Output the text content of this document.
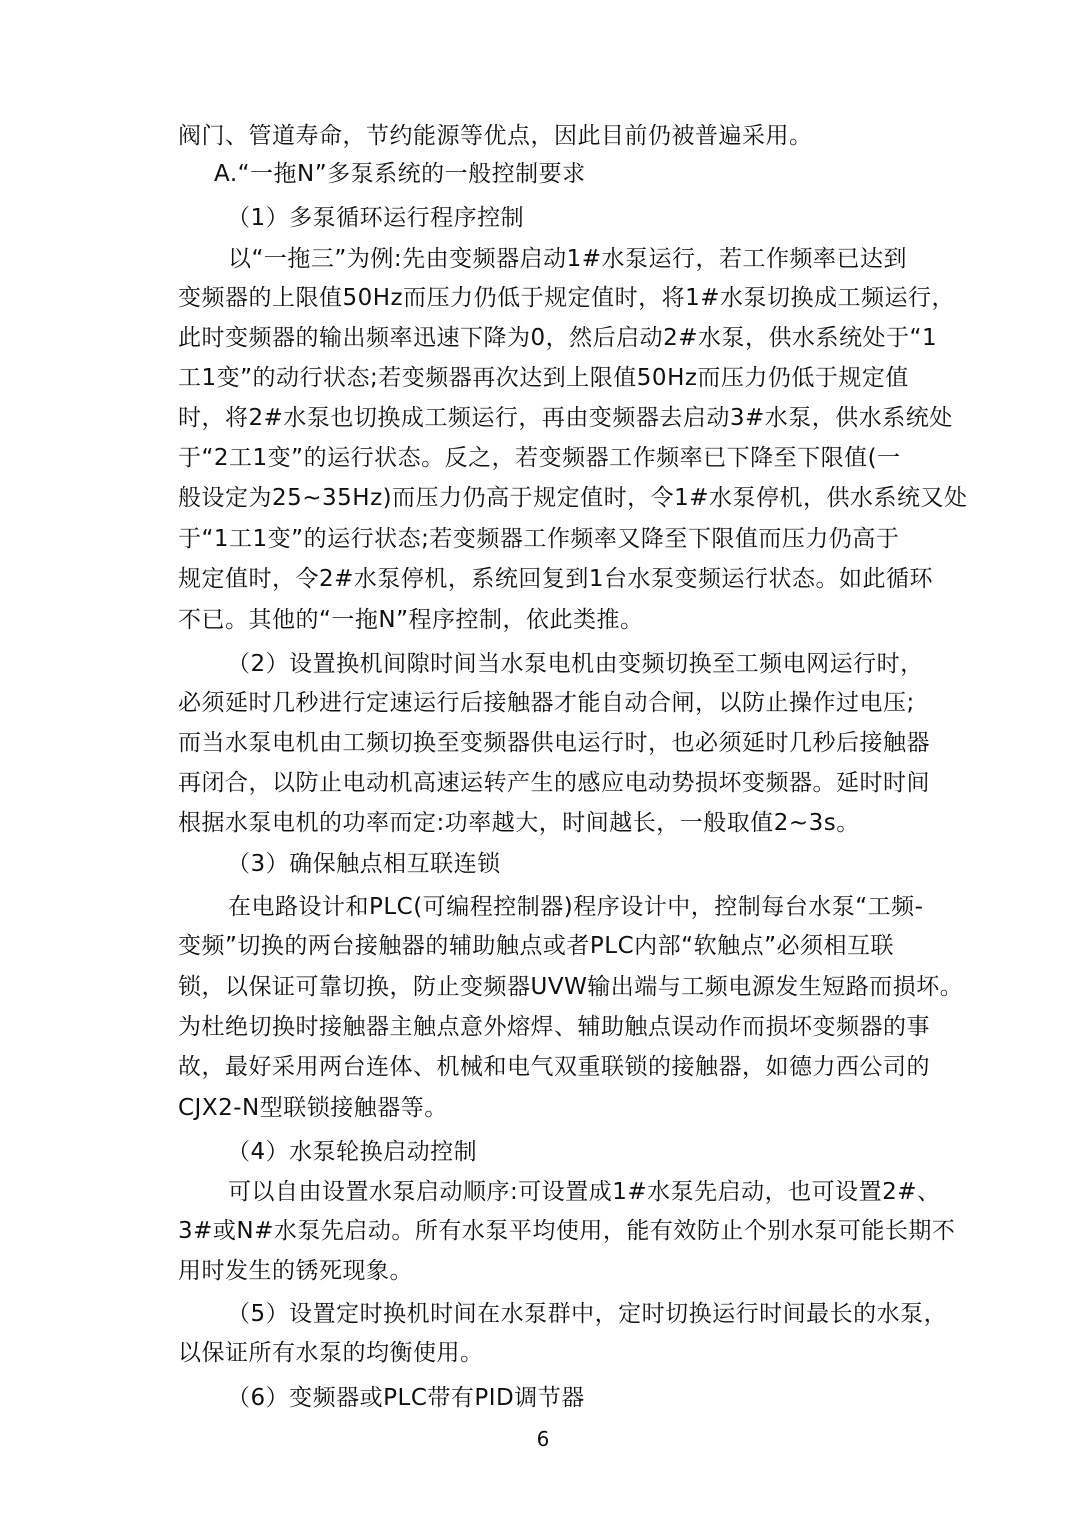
阀门、管道寿命，节约能源等优点，因此目前仍被普遍采用。
A.“一拖N”多泵系统的一般控制要求
（1）多泵循环运行程序控制
以“一拖三”为例:先由变频器启动1#水泵运行，若工作频率已达到
变频器的上限值50Hz而压力仍低于规定值时，将1#水泵切换成工频运行，
此时变频器的输出频率迅速下降为0，然后启动2#水泵，供水系统处于“1
工1变”的动行状态;若变频器再次达到上限值50Hz而压力仍低于规定值
时，将2#水泵也切换成工频运行，再由变频器去启动3#水泵，供水系统处
于“2工1变”的运行状态。反之，若变频器工作频率已下降至下限值(一
般设定为25~35Hz)而压力仍高于规定值时，令1#水泵停机，供水系统又处
于“1工1变”的运行状态;若变频器工作频率又降至下限值而压力仍高于
规定值时，令2#水泵停机，系统回复到1台水泵变频运行状态。如此循环
不已。其他的“一拖N”程序控制，依此类推。
（2）设置换机间隙时间当水泵电机由变频切换至工频电网运行时，
必须延时几秒进行定速运行后接触器才能自动合闸，以防止操作过电压;
而当水泵电机由工频切换至变频器供电运行时，也必须延时几秒后接触器
再闭合，以防止电动机高速运转产生的感应电动势损坏变频器。延时时间
根据水泵电机的功率而定:功率越大，时间越长，一般取值2~3s。
（3）确保触点相互联连锁
在电路设计和PLC(可编程控制器)程序设计中，控制每台水泵“工频-
变频”切换的两台接触器的辅助触点或者PLC内部“软触点”必须相互联
锁，以保证可靠切换，防止变频器UVW输出端与工频电源发生短路而损坏。
为杜绝切换时接触器主触点意外熔焊、辅助触点误动作而损坏变频器的事
故，最好采用两台连体、机械和电气双重联锁的接触器，如德力西公司的
CJX2-N型联锁接触器等。
（4）水泵轮换启动控制
可以自由设置水泵启动顺序:可设置成1#水泵先启动，也可设置2#、
3#或N#水泵先启动。所有水泵平均使用，能有效防止个别水泵可能长期不
用时发生的锈死现象。
（5）设置定时换机时间在水泵群中，定时切换运行时间最长的水泵，
以保证所有水泵的均衡使用。
（6）变频器或PLC带有PID调节器
6
